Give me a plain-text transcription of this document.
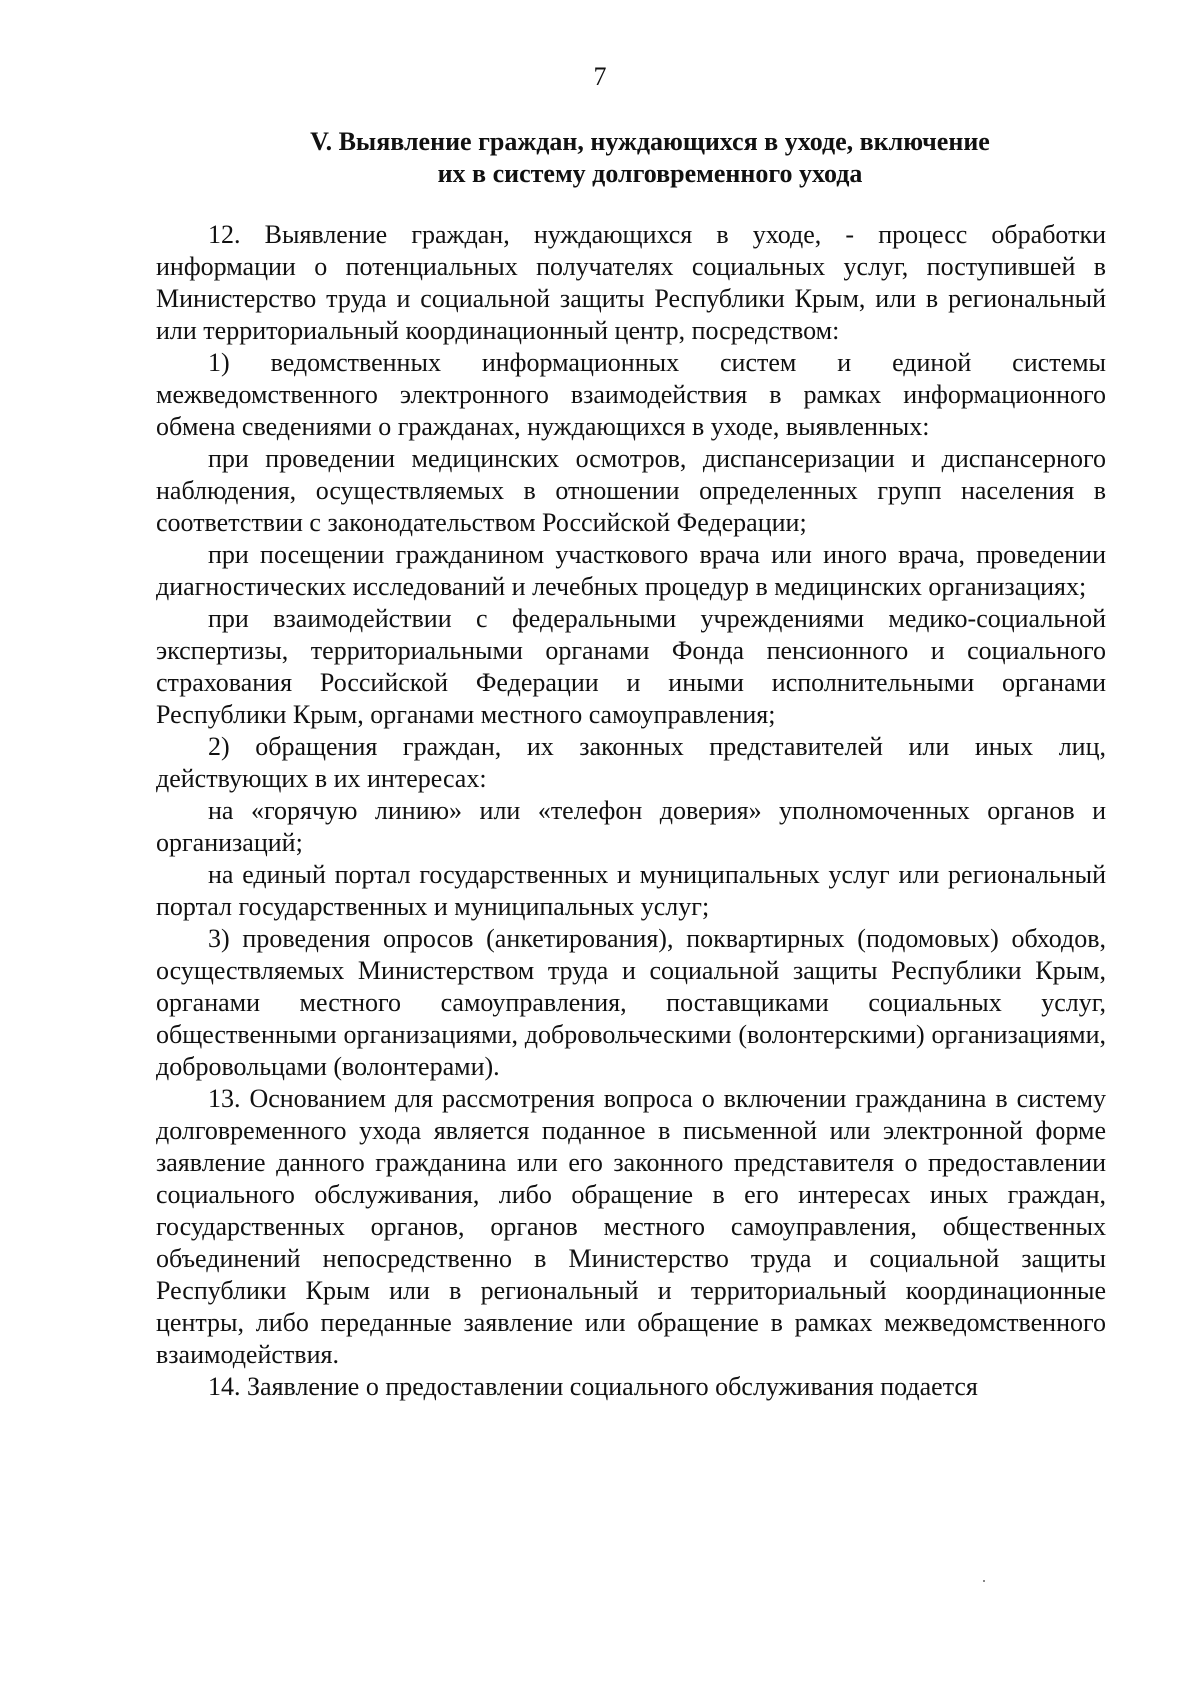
7
V. Выявление граждан, нуждающихся в уходе, включение
их в систему долговременного ухода

12. Выявление граждан, нуждающихся в уходе, - процесс обработки информации о потенциальных получателях социальных услуг, поступившей в Министерство труда и социальной защиты Республики Крым, или в региональный или территориальный координационный центр, посредством:

1) ведомственных информационных систем и единой системы межведомственного электронного взаимодействия в рамках информационного обмена сведениями о гражданах, нуждающихся в уходе, выявленных:

при проведении медицинских осмотров, диспансеризации и диспансерного наблюдения, осуществляемых в отношении определенных групп населения в соответствии с законодательством Российской Федерации;

при посещении гражданином участкового врача или иного врача, проведении диагностических исследований и лечебных процедур в медицинских организациях;

при взаимодействии с федеральными учреждениями медико-социальной экспертизы, территориальными органами Фонда пенсионного и социального страхования Российской Федерации и иными исполнительными органами Республики Крым, органами местного самоуправления;

2) обращения граждан, их законных представителей или иных лиц, действующих в их интересах:

на «горячую линию» или «телефон доверия» уполномоченных органов и организаций;

на единый портал государственных и муниципальных услуг или региональный портал государственных и муниципальных услуг;

3) проведения опросов (анкетирования), поквартирных (подомовых) обходов, осуществляемых Министерством труда и социальной защиты Республики Крым, органами местного самоуправления, поставщиками социальных услуг, общественными организациями, добровольческими (волонтерскими) организациями, добровольцами (волонтерами).

13. Основанием для рассмотрения вопроса о включении гражданина в систему долговременного ухода является поданное в письменной или электронной форме заявление данного гражданина или его законного представителя о предоставлении социального обслуживания, либо обращение в его интересах иных граждан, государственных органов, органов местного самоуправления, общественных объединений непосредственно в Министерство труда и социальной защиты Республики Крым или в региональный и территориальный координационные центры, либо переданные заявление или обращение в рамках межведомственного взаимодействия.

14. Заявление о предоставлении социального обслуживания подается
